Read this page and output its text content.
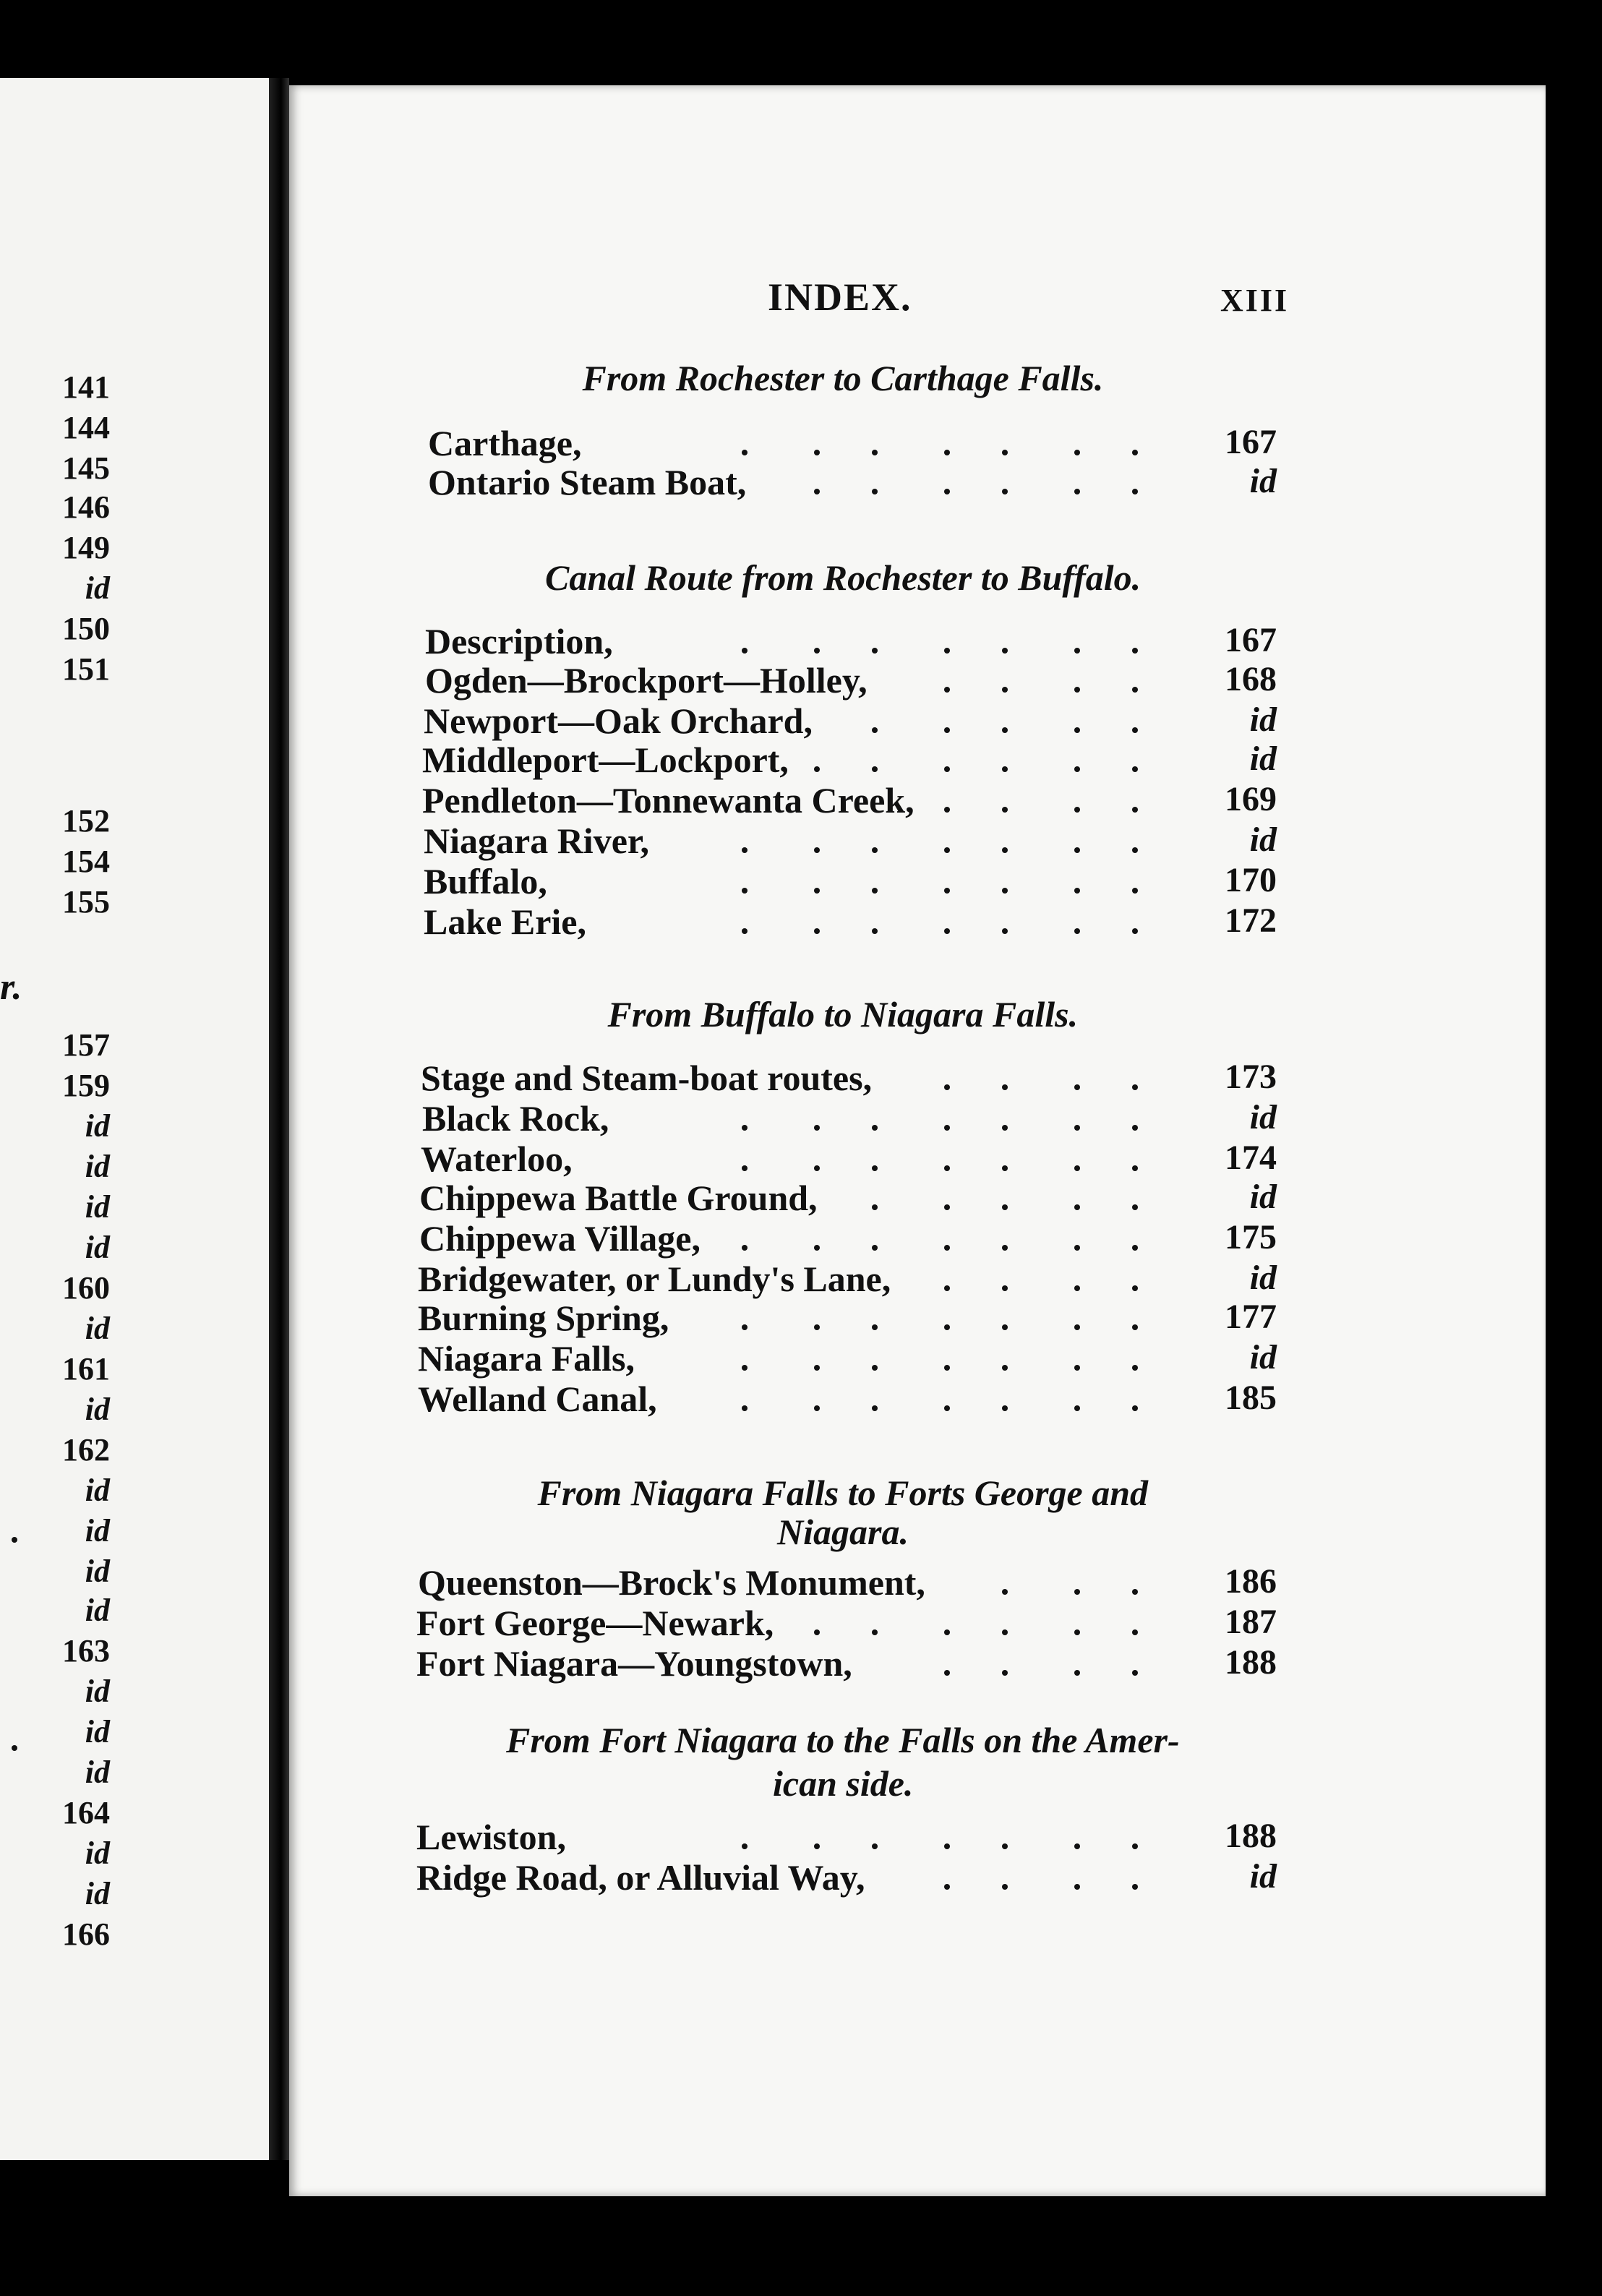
141
144
145
146
149
id
150
151
152
154
155
157
159
id
id
id
id
160
id
161
id
162
id
id
id
id
163
id
id
id
164
id
id
166
r.
INDEX.	XIII
From Rochester to Carthage Falls.
Carthage,	167
Ontario Steam Boat,	id
Canal Route from Rochester to Buffalo.
Description,	167
Ogden—Brockport—Holley,	168
Newport—Oak Orchard,	id
Middleport—Lockport,	id
Pendleton—Tonnewanta Creek,	169
Niagara River,	id
Buffalo,	170
Lake Erie,	172
From Buffalo to Niagara Falls.
Stage and Steam-boat routes,	173
Black Rock,	id
Waterloo,	174
Chippewa Battle Ground,	id
Chippewa Village,	175
Bridgewater, or Lundy's Lane,	id
Burning Spring,	177
Niagara Falls,	id
Welland Canal,	185
From Niagara Falls to Forts George and
Niagara.
Queenston—Brock's Monument,	186
Fort George—Newark,	187
Fort Niagara—Youngstown,	188
From Fort Niagara to the Falls on the Amer-
ican side.
Lewiston,	188
Ridge Road, or Alluvial Way,	id
